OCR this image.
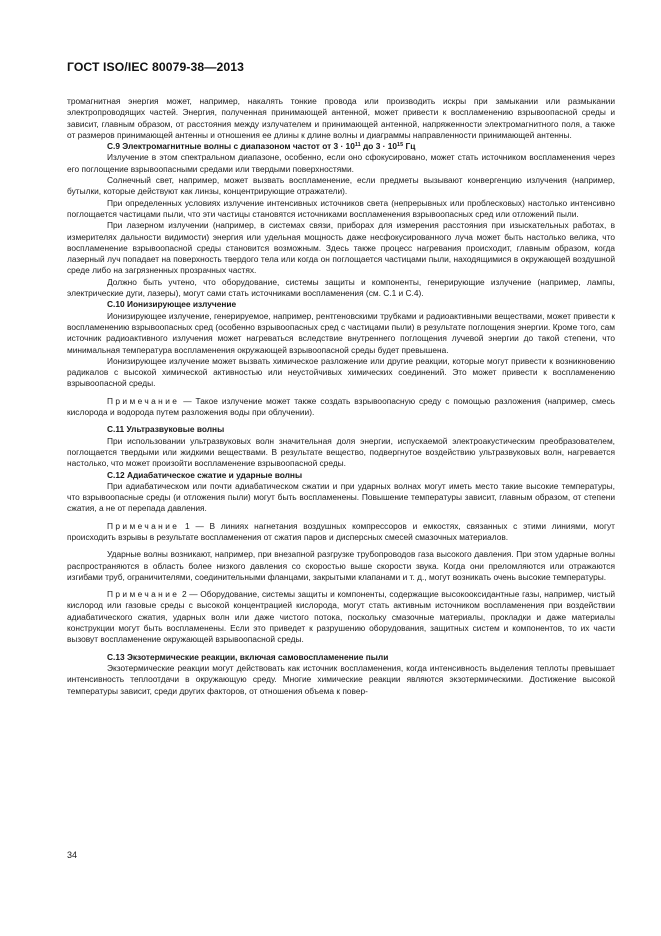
ГОСТ ISO/IEC 80079-38—2013

тромагнитная энергия может, например, накалять тонкие провода или производить искры при замыкании или размыкании электропроводящих частей. Энергия, полученная принимающей антенной, может привести к воспламенению взрывоопасной среды и зависит, главным образом, от расстояния между излучателем и принимающей антенной, напряженности электромагнитного поля, а также от размеров принимающей антенны и отношения ее длины к длине волны и диаграммы направленности принимающей антенны.

С.9 Электромагнитные волны с диапазоном частот от $3 \cdot 10^{11}$ до $3 \cdot 10^{15}$ Гц

Излучение в этом спектральном диапазоне, особенно, если оно сфокусировано, может стать источником воспламенения через его поглощение взрывоопасными средами или твердыми поверхностями.

Солнечный свет, например, может вызвать воспламенение, если предметы вызывают конвергенцию излучения (например, бутылки, которые действуют как линзы, концентрирующие отражатели).

При определенных условиях излучение интенсивных источников света (непрерывных или проблесковых) настолько интенсивно поглощается частицами пыли, что эти частицы становятся источниками воспламенения взрывоопасных сред или отложений пыли.

При лазерном излучении (например, в системах связи, приборах для измерения расстояния при изыскательных работах, в измерителях дальности видимости) энергия или удельная мощность даже несфокусированного луча может быть настолько велика, что воспламенение взрывоопасной среды становится возможным. Здесь также процесс нагревания происходит, главным образом, когда лазерный луч попадает на поверхность твердого тела или когда он поглощается частицами пыли, находящимися в окружающей воздушной среде либо на загрязненных прозрачных частях.

Должно быть учтено, что оборудование, системы защиты и компоненты, генерирующие излучение (например, лампы, электрические дуги, лазеры), могут сами стать источниками воспламенения (см. С.1 и С.4).

С.10 Ионизирующее излучение

Ионизирующее излучение, генерируемое, например, рентгеновскими трубками и радиоактивными веществами, может привести к воспламенению взрывоопасных сред (особенно взрывоопасных сред с частицами пыли) в результате поглощения энергии. Кроме того, сам источник радиоактивного излучения может нагреваться вследствие внутреннего поглощения лучевой энергии до такой степени, что минимальная температура воспламенения окружающей взрывоопасной среды будет превышена.

Ионизирующее излучение может вызвать химическое разложение или другие реакции, которые могут привести к возникновению радикалов с высокой химической активностью или неустойчивых химических соединений. Это может привести к воспламенению взрывоопасной среды.

Примечание — Такое излучение может также создать взрывоопасную среду с помощью разложения (например, смесь кислорода и водорода путем разложения воды при облучении).

С.11 Ультразвуковые волны

При использовании ультразвуковых волн значительная доля энергии, испускаемой электроакустическим преобразователем, поглощается твердыми или жидкими веществами. В результате вещество, подвергнутое воздействию ультразвуковых волн, нагревается настолько, что может произойти воспламенение взрывоопасной среды.

С.12 Адиабатическое сжатие и ударные волны

При адиабатическом или почти адиабатическом сжатии и при ударных волнах могут иметь место такие высокие температуры, что взрывоопасные среды (и отложения пыли) могут быть воспламенены. Повышение температуры зависит, главным образом, от степени сжатия, а не от перепада давления.

Примечание 1 — В линиях нагнетания воздушных компрессоров и емкостях, связанных с этими линиями, могут происходить взрывы в результате воспламенения от сжатия паров и дисперсных смесей смазочных материалов.

Ударные волны возникают, например, при внезапной разгрузке трубопроводов газа высокого давления. При этом ударные волны распространяются в область более низкого давления со скоростью выше скорости звука. Когда они преломляются или отражаются изгибами труб, ограничителями, соединительными фланцами, закрытыми клапанами и т. д., могут возникать очень высокие температуры.

Примечание 2 — Оборудование, системы защиты и компоненты, содержащие высокооксидантные газы, например, чистый кислород или газовые среды с высокой концентрацией кислорода, могут стать активным источником воспламенения при воздействии адиабатического сжатия, ударных волн или даже чистого потока, поскольку смазочные материалы, прокладки и даже материалы конструкции могут быть воспламенены. Если это приведет к разрушению оборудования, защитных систем и компонентов, то их части вызовут воспламенение окружающей взрывоопасной среды.

С.13 Экзотермические реакции, включая самовоспламенение пыли

Экзотермические реакции могут действовать как источник воспламенения, когда интенсивность выделения теплоты превышает интенсивность теплоотдачи в окружающую среду. Многие химические реакции являются экзотермическими. Достижение высокой температуры зависит, среди других факторов, от отношения объема к повер-

34
